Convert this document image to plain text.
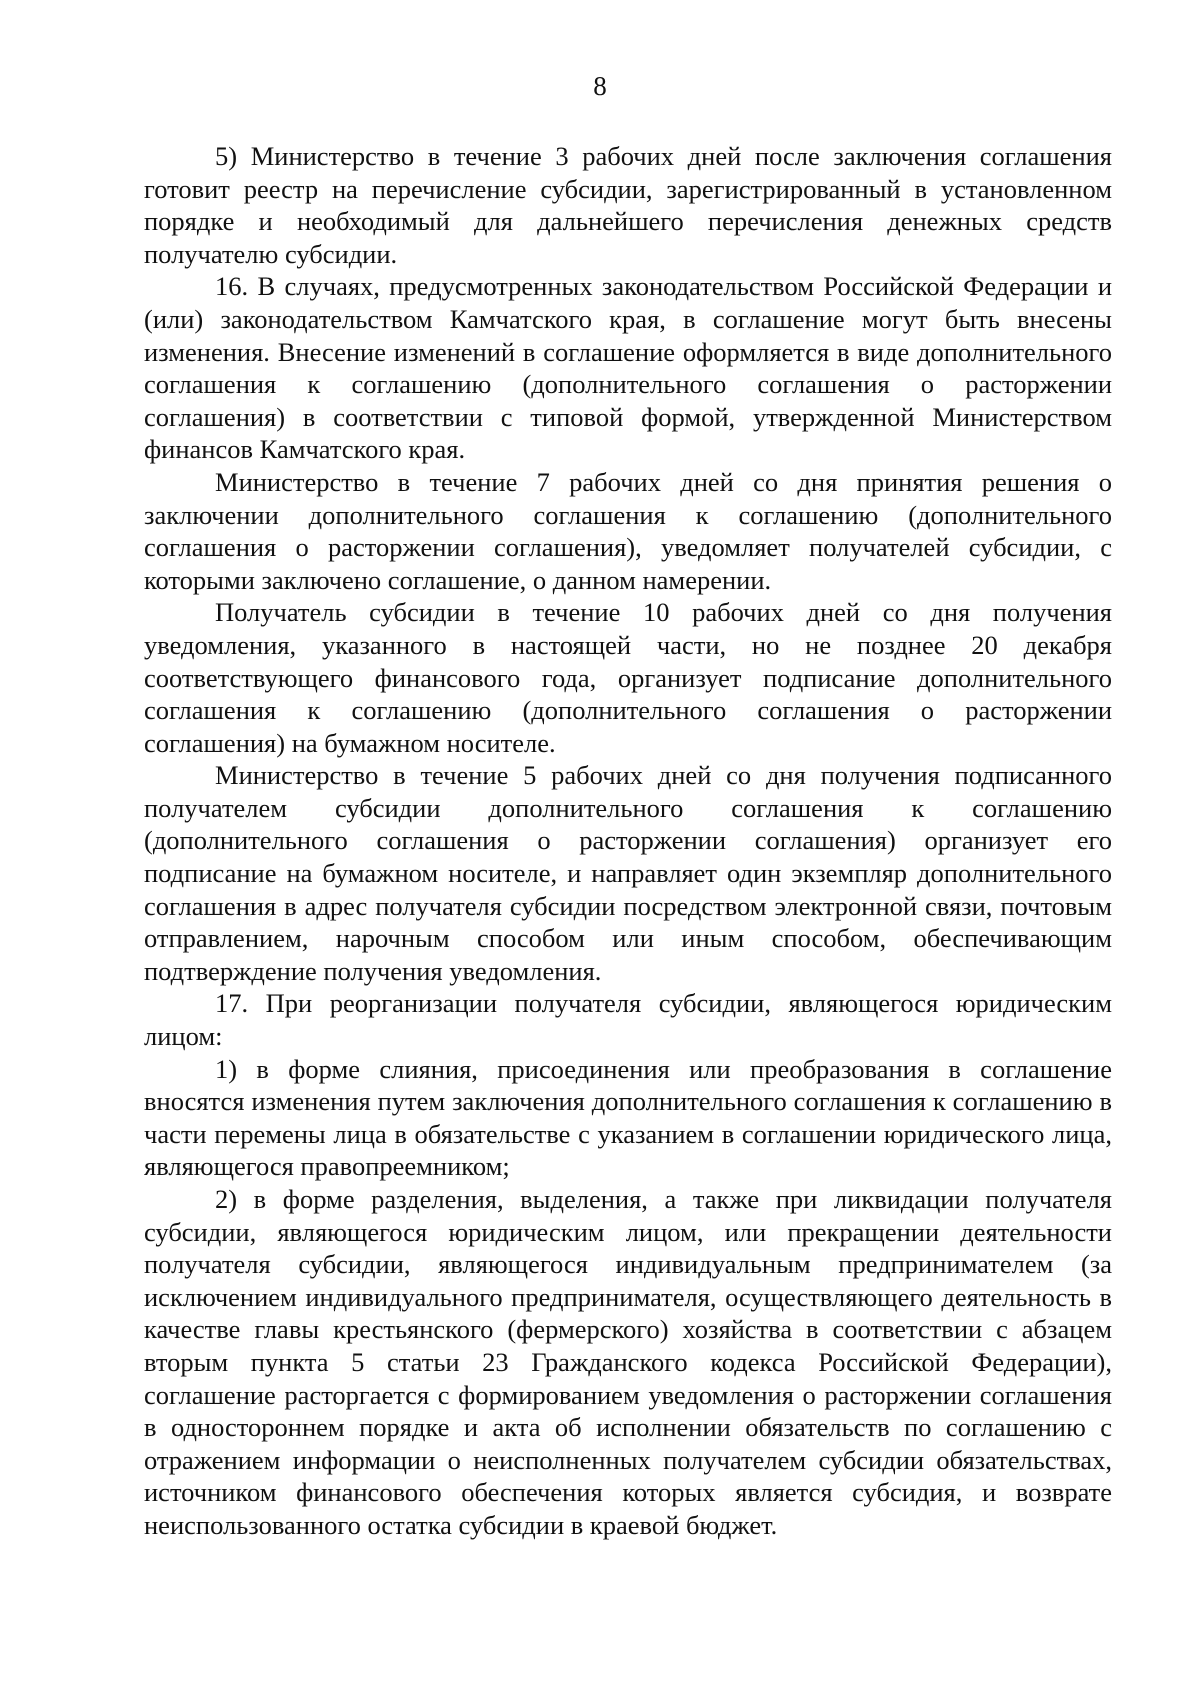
8

5) Министерство в течение 3 рабочих дней после заключения соглашения готовит реестр на перечисление субсидии, зарегистрированный в установленном порядке и необходимый для дальнейшего перечисления денежных средств получателю субсидии.

16. В случаях, предусмотренных законодательством Российской Федерации и (или) законодательством Камчатского края, в соглашение могут быть внесены изменения. Внесение изменений в соглашение оформляется в виде дополнительного соглашения к соглашению (дополнительного соглашения о расторжении соглашения) в соответствии с типовой формой, утвержденной Министерством финансов Камчатского края.

Министерство в течение 7 рабочих дней со дня принятия решения о заключении дополнительного соглашения к соглашению (дополнительного соглашения о расторжении соглашения), уведомляет получателей субсидии, с которыми заключено соглашение, о данном намерении.

Получатель субсидии в течение 10 рабочих дней со дня получения уведомления, указанного в настоящей части, но не позднее 20 декабря соответствующего финансового года, организует подписание дополнительного соглашения к соглашению (дополнительного соглашения о расторжении соглашения) на бумажном носителе.

Министерство в течение 5 рабочих дней со дня получения подписанного получателем субсидии дополнительного соглашения к соглашению (дополнительного соглашения о расторжении соглашения) организует его подписание на бумажном носителе, и направляет один экземпляр дополнительного соглашения в адрес получателя субсидии посредством электронной связи, почтовым отправлением, нарочным способом или иным способом, обеспечивающим подтверждение получения уведомления.

17. При реорганизации получателя субсидии, являющегося юридическим лицом:

1) в форме слияния, присоединения или преобразования в соглашение вносятся изменения путем заключения дополнительного соглашения к соглашению в части перемены лица в обязательстве с указанием в соглашении юридического лица, являющегося правопреемником;

2) в форме разделения, выделения, а также при ликвидации получателя субсидии, являющегося юридическим лицом, или прекращении деятельности получателя субсидии, являющегося индивидуальным предпринимателем (за исключением индивидуального предпринимателя, осуществляющего деятельность в качестве главы крестьянского (фермерского) хозяйства в соответствии с абзацем вторым пункта 5 статьи 23 Гражданского кодекса Российской Федерации), соглашение расторгается с формированием уведомления о расторжении соглашения в одностороннем порядке и акта об исполнении обязательств по соглашению с отражением информации о неисполненных получателем субсидии обязательствах, источником финансового обеспечения которых является субсидия, и возврате неиспользованного остатка субсидии в краевой бюджет.
